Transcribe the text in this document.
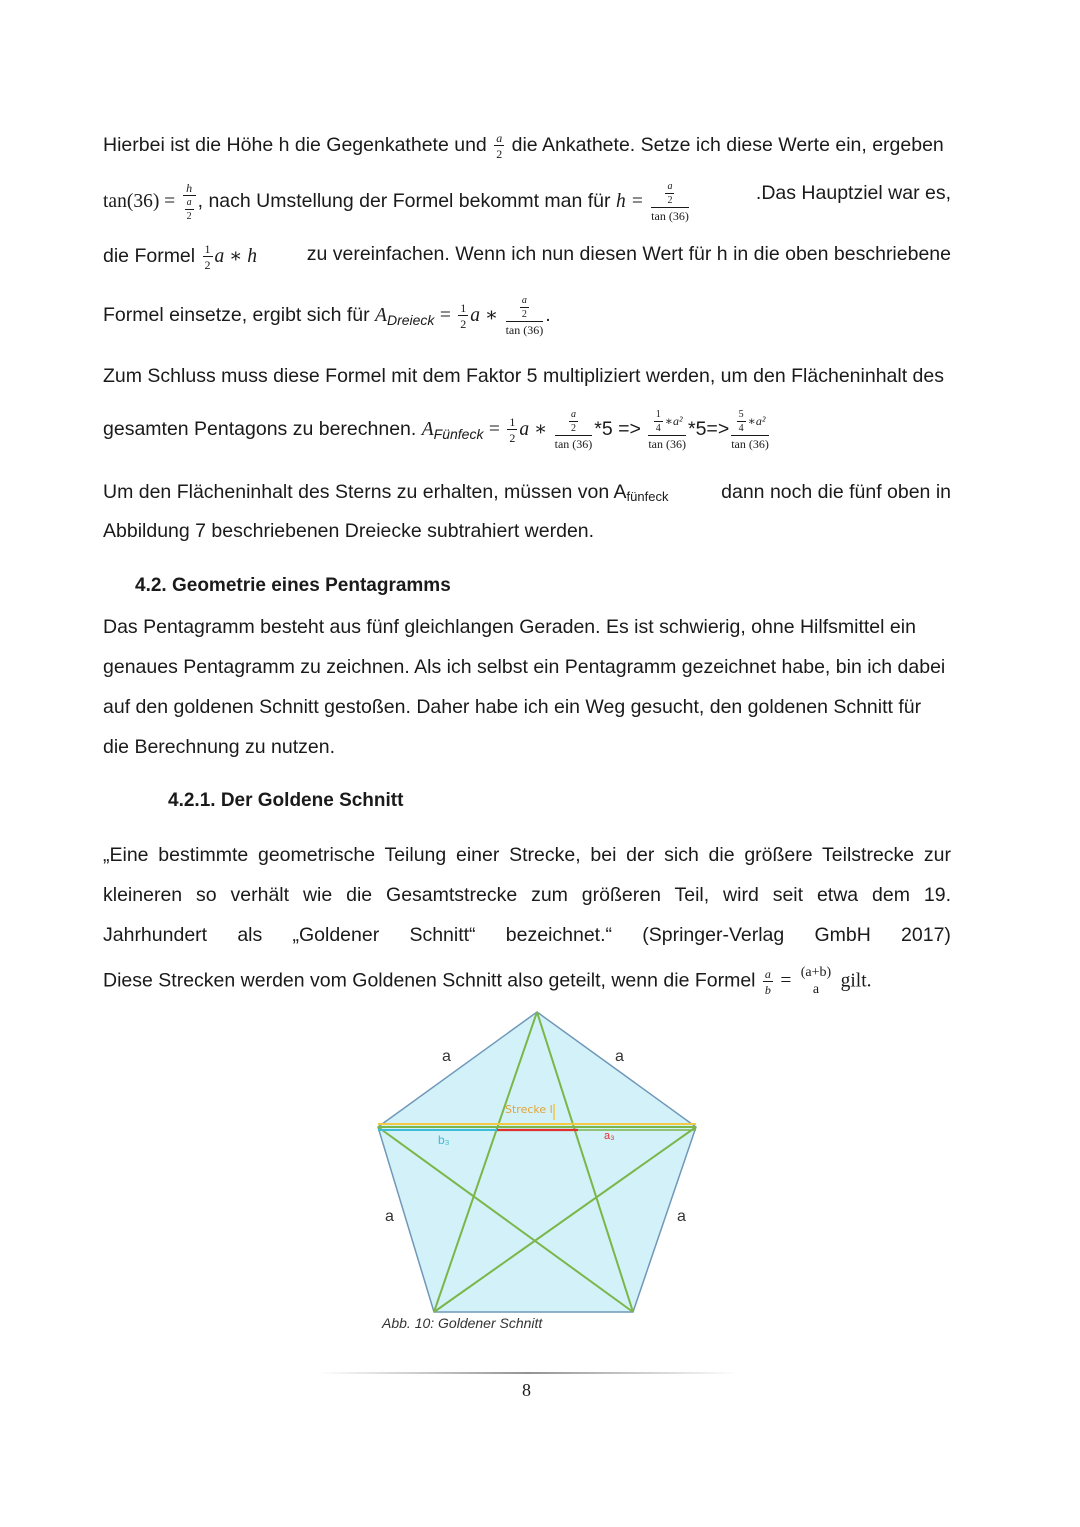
Hierbei ist die Höhe h die Gegenkathete und $\frac{a}{2}$ die Ankathete. Setze ich diese Werte ein, ergeben
$\tan(36) = \frac{h}{\frac{a}{2}}$ , nach Umstellung der Formel bekommt man für $h = \frac{\frac{a}{2}}{\tan (36)}$	.Das Hauptziel war es,
die Formel $\frac{1}{2}$ a ∗ h	zu vereinfachen. Wenn ich nun diesen Wert für h in die oben beschriebene
Formel einsetze, ergibt sich für $A_{Dreieck} = \frac{1}{2}$ a ∗ $\frac{\frac{a}{2}}{\tan (36)}$ .
Zum Schluss muss diese Formel mit dem Faktor 5 multipliziert werden, um den Flächeninhalt des
gesamten Pentagons zu berechnen. $A_{Fünfeck} = \frac{1}{2}$ a ∗ $\frac{\frac{a}{2}}{\tan (36)} *5 => \frac{\frac{1}{4} ∗a^2}{\tan (36)} *5=> \frac{\frac{5}{4} ∗a^2}{\tan (36)}$
Um den Flächeninhalt des Sterns zu erhalten, müssen von Afünfeck	dann noch die fünf oben in
Abbildung 7 beschriebenen Dreiecke subtrahiert werden.
4.2. Geometrie eines Pentagramms
Das Pentagramm besteht aus fünf gleichlangen Geraden. Es ist schwierig, ohne Hilfsmittel ein
genaues Pentagramm zu zeichnen. Als ich selbst ein Pentagramm gezeichnet habe, bin ich dabei
auf den goldenen Schnitt gestoßen. Daher habe ich ein Weg gesucht, den goldenen Schnitt für
die Berechnung zu nutzen.
4.2.1. Der Goldene Schnitt
„Eine bestimmte geometrische Teilung einer Strecke, bei der sich die größere Teilstrecke zur
kleineren so verhält wie die Gesamtstrecke zum größeren Teil, wird seit etwa dem 19.
Jahrhundert als „Goldener Schnitt“ bezeichnet.“ (Springer-Verlag GmbH 2017)
Diese Strecken werden vom Goldenen Schnitt also geteilt, wenn die Formel $\frac{a}{b} = (a+b)$
a	gilt.
a	a
a	a
Strecke l
b₃	a₃
Abb. 10: Goldener Schnitt
8
